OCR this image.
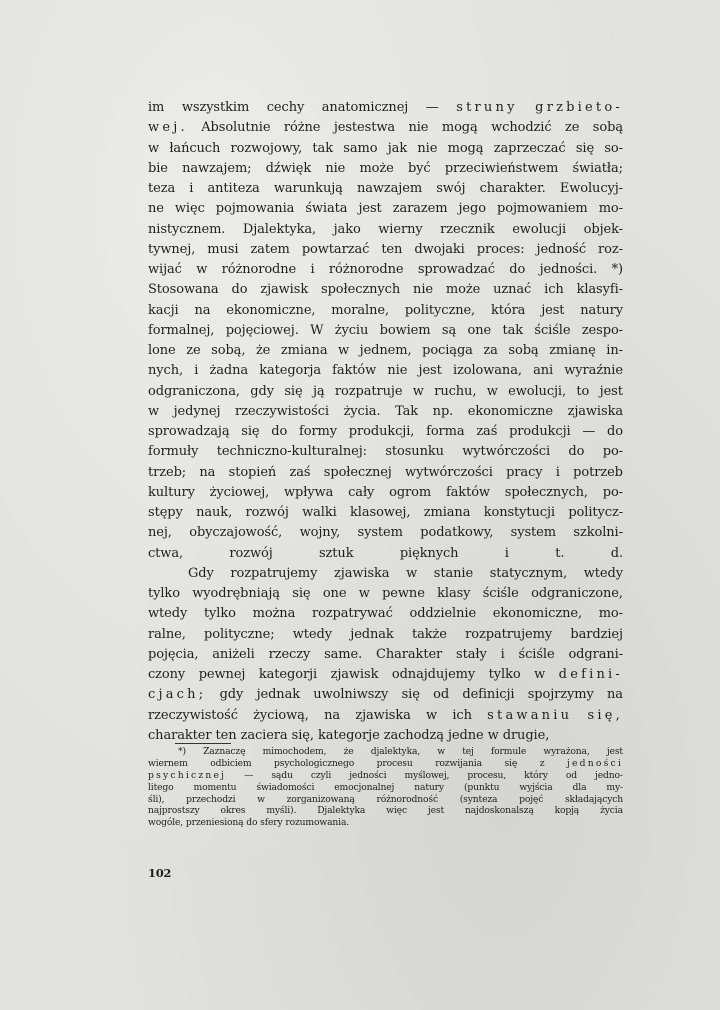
im wszystkim cechy anatomicznej — struny grzbieto-
wej. Absolutnie różne jestestwa nie mogą wchodzić ze sobą
w łańcuch rozwojowy, tak samo jak nie mogą zaprzeczać się so-
bie nawzajem; dźwięk nie może być przeciwieństwem światła;
teza i antiteza warunkują nawzajem swój charakter. Ewolucyj-
ne więc pojmowania świata jest zarazem jego pojmowaniem mo-
nistycznem. Djalektyka, jako wierny rzecznik ewolucji objek-
tywnej, musi zatem powtarzać ten dwojaki proces: jedność roz-
wijać w różnorodne i różnorodne sprowadzać do jedności. *)
Stosowana do zjawisk społecznych nie może uznać ich klasyfi-
kacji na ekonomiczne, moralne, polityczne, która jest natury
formalnej, pojęciowej. W życiu bowiem są one tak ściśle zespo-
lone ze sobą, że zmiana w jednem, pociąga za sobą zmianę in-
nych, i żadna kategorja faktów nie jest izolowana, ani wyraźnie
odgraniczona, gdy się ją rozpatruje w ruchu, w ewolucji, to jest
w jedynej rzeczywistości życia. Tak np. ekonomiczne zjawiska
sprowadzają się do formy produkcji, forma zaś produkcji — do
formuły techniczno-kulturalnej: stosunku wytwórczości do po-
trzeb; na stopień zaś społecznej wytwórczości pracy i potrzeb
kultury życiowej, wpływa cały ogrom faktów społecznych, po-
stępy nauk, rozwój walki klasowej, zmiana konstytucji politycz-
nej, obyczajowość, wojny, system podatkowy, system szkolni-
ctwa,	rozwój	sztuk	pięknych	i	t.	d.
Gdy rozpatrujemy zjawiska w stanie statycznym, wtedy
tylko wyodrębniają się one w pewne klasy ściśle odgraniczone,
wtedy tylko można rozpatrywać oddzielnie ekonomiczne, mo-
ralne, polityczne; wtedy jednak także rozpatrujemy bardziej
pojęcia, aniżeli rzeczy same. Charakter stały i ściśle odgrani-
czony pewnej kategorji zjawisk odnajdujemy tylko w defini-
cjach; gdy jednak uwolniwszy się od definicji spojrzymy na
rzeczywistość życiową, na zjawiska w ich stawaniu się,
charakter
ten
zaciera
się,
kategorje
zachodzą
jedne
w
drugie,
*) Zaznaczę mimochodem, że djalektyka, w tej formule wyrażona, jest
wiernem odbiciem psychologicznego procesu rozwijania się z jedności
psychicznej — sądu czyli jedności myślowej, procesu, który od jedno-
litego momentu świadomości emocjonalnej natury (punktu wyjścia dla my-
śli), przechodzi w zorganizowaną różnorodność (synteza pojęć składających
najprostszy okres myśli). Djalektyka więc jest najdoskonalszą kopją życia
wogóle,
przeniesioną
do
sfery
rozumowania.
102
